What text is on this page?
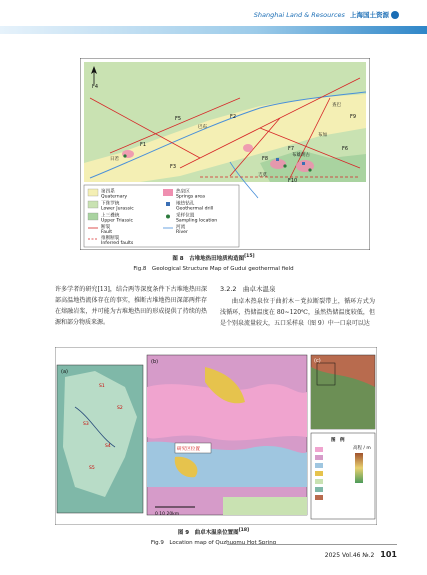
Shanghai Land & Resources 上海国土资源
F4
F5
F1
F2
F3
F6
F7
F8
F9
F10
巴布
日若
布雄朗古
吉莫
布加
查巴
第四系
Quaternary
热泉区
Springs area
下侏罗统
Lower Jurassic
地热钻孔
Geothermal drill
上三叠统
Upper Triassic
采样位置
Sampling location
断裂
Fault
河流
River
推断断裂
Inferred faults
图 8　古堆地热田地质构造图[15]
Fig.8　Geological Structure Map of Gudui geothermal field
许多学者的研究[13]，结合两等深度条件下古堆地热田深部高温地热流体存在的事实，推断古堆地热田深部两拌存在熔融岩浆，并可能为古堆地热田的形成提供了持续的热源和部分物质来源。
3.2.2　曲卓木温泉
曲卓木热泉位于曲折木－党拉断裂带上，循环方式为浅循环，热储温度在 80~120℃，虽然热储温度较低，但是个别泉流量较大，五口采样泉（图 9）中一口泉可以达
(a)
S1
S2
S3
S4
S5
研究区位置
(b)
0 10 20km
(c)
图　例
高程 / m
图 9　曲卓木温泉位置图[18]
Fig.9　Location map of Quzhuomu Hot Spring
2025 Vol.46 №.2 101
